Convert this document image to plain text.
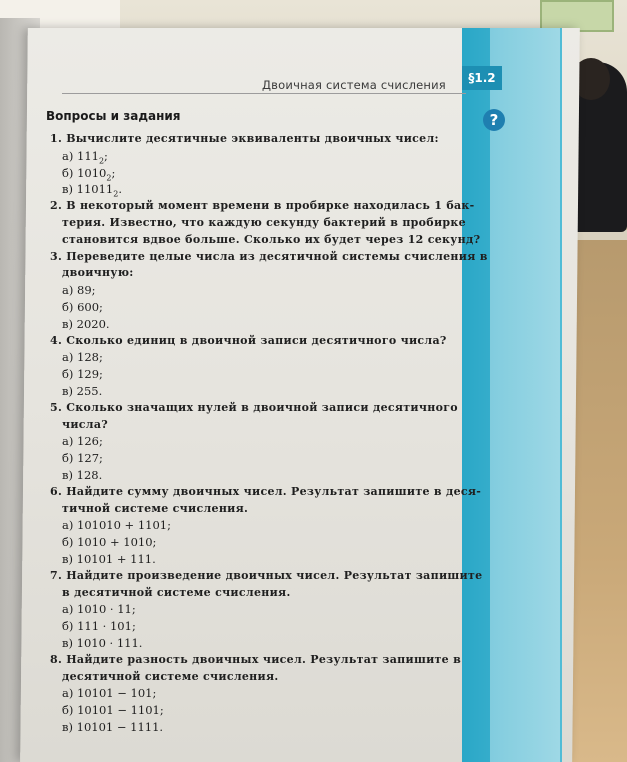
Двоичная система счисления	§1.2
?
Вопросы и задания
1. Вычислите десятичные эквиваленты двоичных чисел:
а) $111_2$;
б) $1010_2$;
в) $11011_2$.
2. В некоторый момент времени в пробирке находилась 1 бак-
терия. Известно, что каждую секунду бактерий в пробирке
становится вдвое больше. Сколько их будет через 12 секунд?
3. Переведите целые числа из десятичной системы счисления в
двоичную:
а) 89;
б) 600;
в) 2020.
4. Сколько единиц в двоичной записи десятичного числа?
а) 128;
б) 129;
в) 255.
5. Сколько значащих нулей в двоичной записи десятичного
числа?
а) 126;
б) 127;
в) 128.
6. Найдите сумму двоичных чисел. Результат запишите в деся-
тичной системе счисления.
а) 101010 + 1101;
б) 1010 + 1010;
в) 10101 + 111.
7. Найдите произведение двоичных чисел. Результат запишите
в десятичной системе счисления.
а) 1010 · 11;
б) 111 · 101;
в) 1010 · 111.
8. Найдите разность двоичных чисел. Результат запишите в
десятичной системе счисления.
а) 10101 − 101;
б) 10101 − 1101;
в) 10101 − 1111.
